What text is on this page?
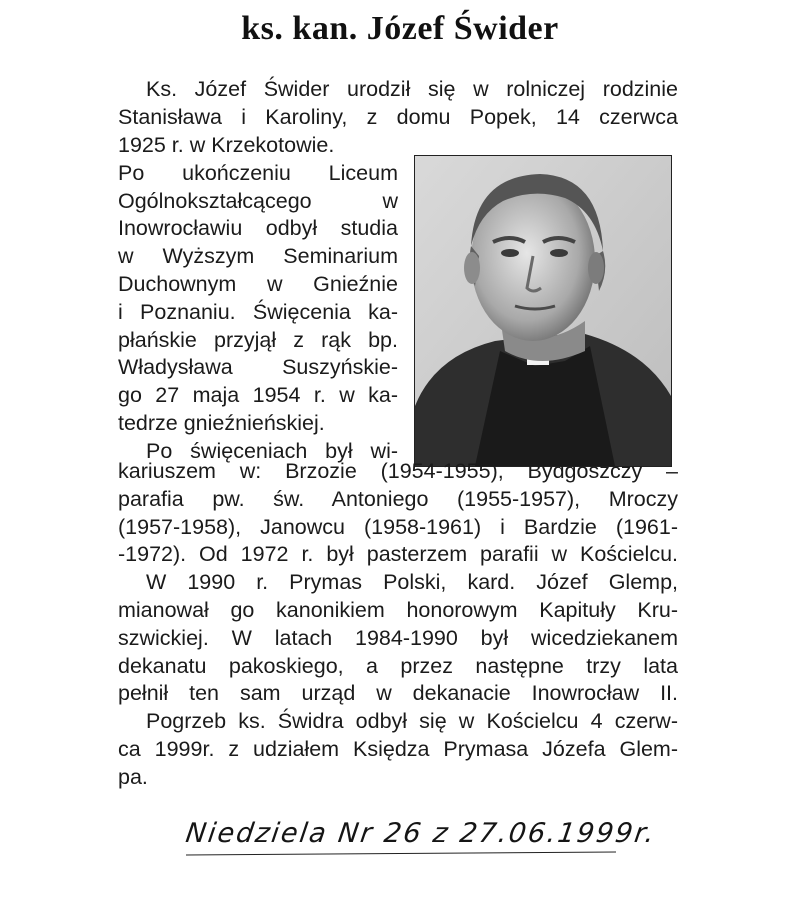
ks. kan. Józef Świder
Ks. Józef Świder urodził się w rolniczej rodzinie
Stanisława i Karoliny, z domu Popek, 14 czerwca
1925 r. w Krzekotowie.
Po ukończeniu Liceum
Ogólnokształcącego w
Inowrocławiu odbył studia
w Wyższym Seminarium
Duchownym w Gnieźnie
i Poznaniu. Święcenia ka-
płańskie przyjął z rąk bp.
Władysława Suszyńskie-
go 27 maja 1954 r. w ka-
tedrze gnieźnieńskiej.
Po święceniach był wi-
kariuszem w: Brzozie (1954-1955), Bydgoszczy –
parafia pw. św. Antoniego (1955-1957), Mroczy
(1957-1958), Janowcu (1958-1961) i Bardzie (1961-
-1972). Od 1972 r. był pasterzem parafii w Kościelcu.
W 1990 r. Prymas Polski, kard. Józef Glemp,
mianował go kanonikiem honorowym Kapituły Kru-
szwickiej. W latach 1984-1990 był wicedziekanem
dekanatu pakoskiego, a przez następne trzy lata
pełnił ten sam urząd w dekanacie Inowrocław II.
Pogrzeb ks. Świdra odbył się w Kościelcu 4 czerw-
ca 1999r. z udziałem Księdza Prymasa Józefa Glem-
pa.
Niedziela Nr 26 z 27.06.1999r.
